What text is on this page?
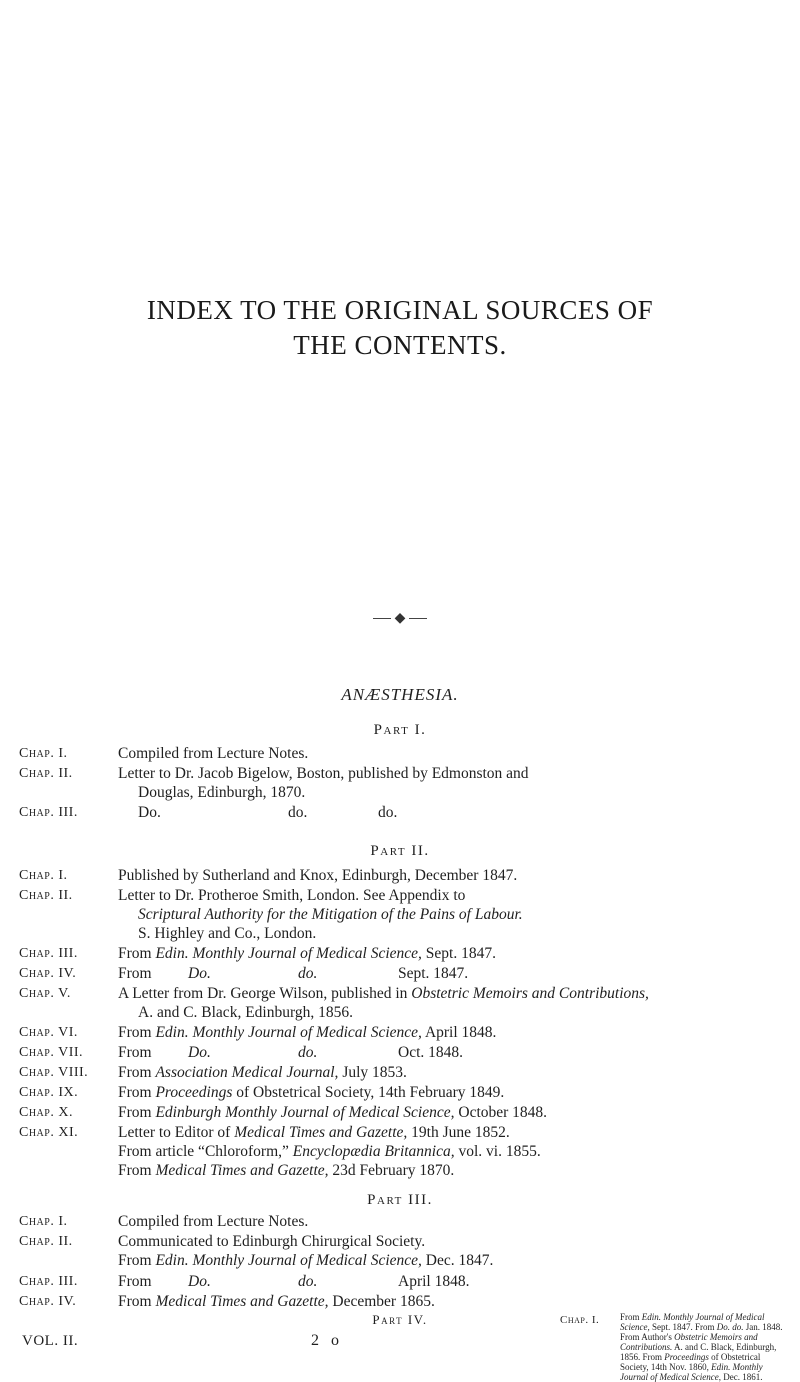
INDEX TO THE ORIGINAL SOURCES OF
THE CONTENTS.
◆
ANÆSTHESIA.
Part I.
Chap. I.	Compiled from Lecture Notes.

Chap. II.	Letter to Dr. Jacob Bigelow, Boston, published by Edmonston and

Douglas, Edinburgh, 1870.

Chap. III.	Do.	do.	do.

Part II.
Chap. I.	Published by Sutherland and Knox, Edinburgh, December 1847.

Chap. II.	Letter to Dr. Protheroe Smith, London. See Appendix to

Scriptural Authority for the Mitigation of the Pains of Labour.

S. Highley and Co., London.

Chap. III.	From Edin. Monthly Journal of Medical Science, Sept. 1847.

Chap. IV.	From Do.	do.	Sept. 1847.

Chap. V.	A Letter from Dr. George Wilson, published in Obstetric Memoirs and Contributions,

A. and C. Black, Edinburgh, 1856.

Chap. VI.	From Edin. Monthly Journal of Medical Science, April 1848.

Chap. VII.	From Do.	do.	Oct. 1848.

Chap. VIII.	From Association Medical Journal, July 1853.

Chap. IX.	From Proceedings of Obstetrical Society, 14th February 1849.

Chap. X.	From Edinburgh Monthly Journal of Medical Science, October 1848.

Chap. XI.	Letter to Editor of Medical Times and Gazette, 19th June 1852.

From article “Chloroform,” Encyclopædia Britannica, vol. vi. 1855.

From Medical Times and Gazette, 23d February 1870.

Part III.
Chap. I.	Compiled from Lecture Notes.

Chap. II.	Communicated to Edinburgh Chirurgical Society.

From Edin. Monthly Journal of Medical Science, Dec. 1847.

Chap. III.	From Do.	do.	April 1848.

Chap. IV.	From Medical Times and Gazette, December 1865.

Part IV.	Chap. I.	From Edin. Monthly Journal of Medical Science, Sept. 1847. From Do. do. Jan. 1848. From Author's Obstetric Memoirs and Contributions. A. and C. Black, Edinburgh, 1856. From Proceedings of Obstetrical Society, 14th Nov. 1860, Edin. Monthly Journal of Medical Science, Dec. 1861.

VOL. II.	2 o
